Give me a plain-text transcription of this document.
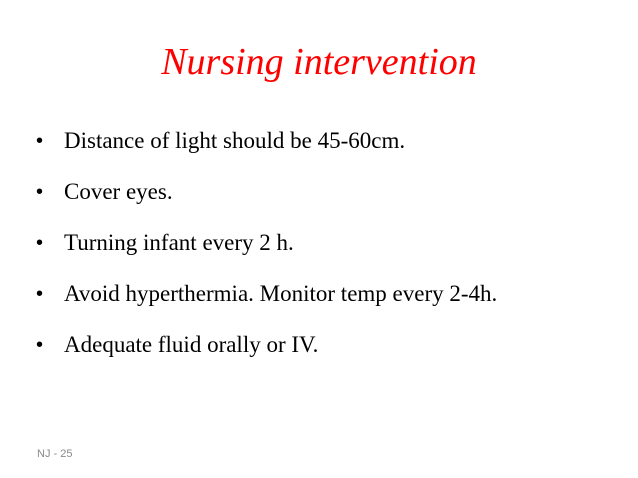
Nursing intervention
• Distance of light should be 45-60cm.
• Cover eyes.
• Turning infant every 2 h.
• Avoid hyperthermia. Monitor temp every 2-4h.
• Adequate fluid orally or IV.

NJ - 25
